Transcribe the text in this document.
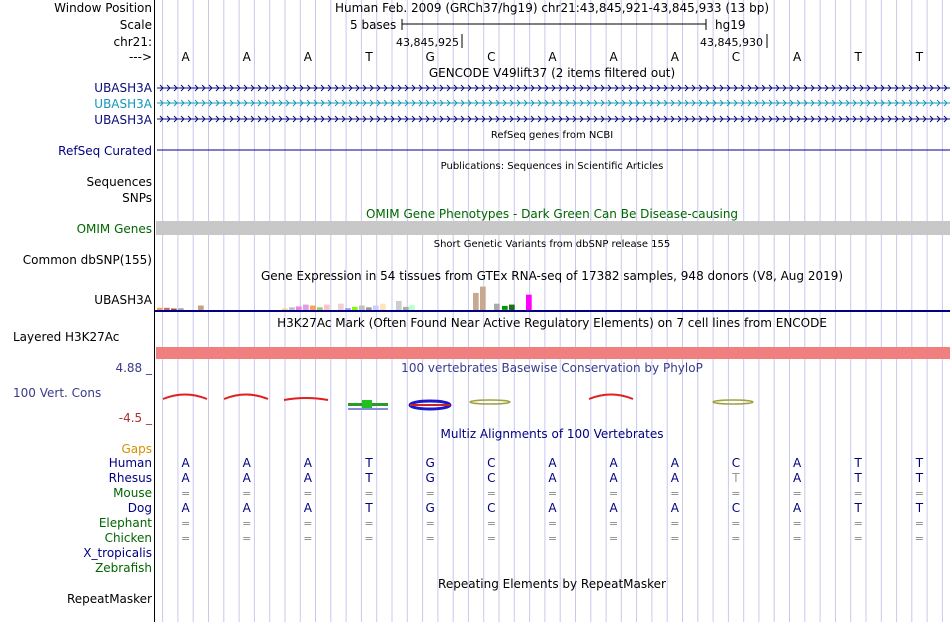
Window Position	Human Feb. 2009 (GRCh37/hg19) chr21:43,845,921-43,845,933 (13 bp)
Scale	5 bases	hg19
chr21:	43,845,925	43,845,930
---> A	A	A	T	G	C	A	A	A	C	A	T	T
GENCODE V49lift37 (2 items filtered out)
UBASH3A
UBASH3A
UBASH3A
RefSeq genes from NCBI
RefSeq Curated
Publications: Sequences in Scientific Articles
Sequences
SNPs
OMIM Gene Phenotypes - Dark Green Can Be Disease-causing
OMIM Genes
Short Genetic Variants from dbSNP release 155
Common dbSNP(155)
Gene Expression in 54 tissues from GTEx RNA-seq of 17382 samples, 948 donors (V8, Aug 2019)
UBASH3A
H3K27Ac Mark (Often Found Near Active Regulatory Elements) on 7 cell lines from ENCODE
Layered H3K27Ac
4.88 _	100 vertebrates Basewise Conservation by PhyloP
100 Vert. Cons
-4.5 _
Multiz Alignments of 100 Vertebrates
Gaps
Human A	A	A	T	G	C	A	A	A	C	A	T	T
Rhesus A	A	A	T	G	C	A	A	A	T	A	T	T
Mouse	=	=	=	=	=	=	=	=	=	=	=	=	=
Dog A	A	A	T	G	C	A	A	A	C	A	T	T
Elephant	=	=	=	=	=	=	=	=	=	=	=	=	=
Chicken	=	=	=	=	=	=	=	=	=	=	=	=	=
X_tropicalis
Zebrafish
Repeating Elements by RepeatMasker
RepeatMasker
